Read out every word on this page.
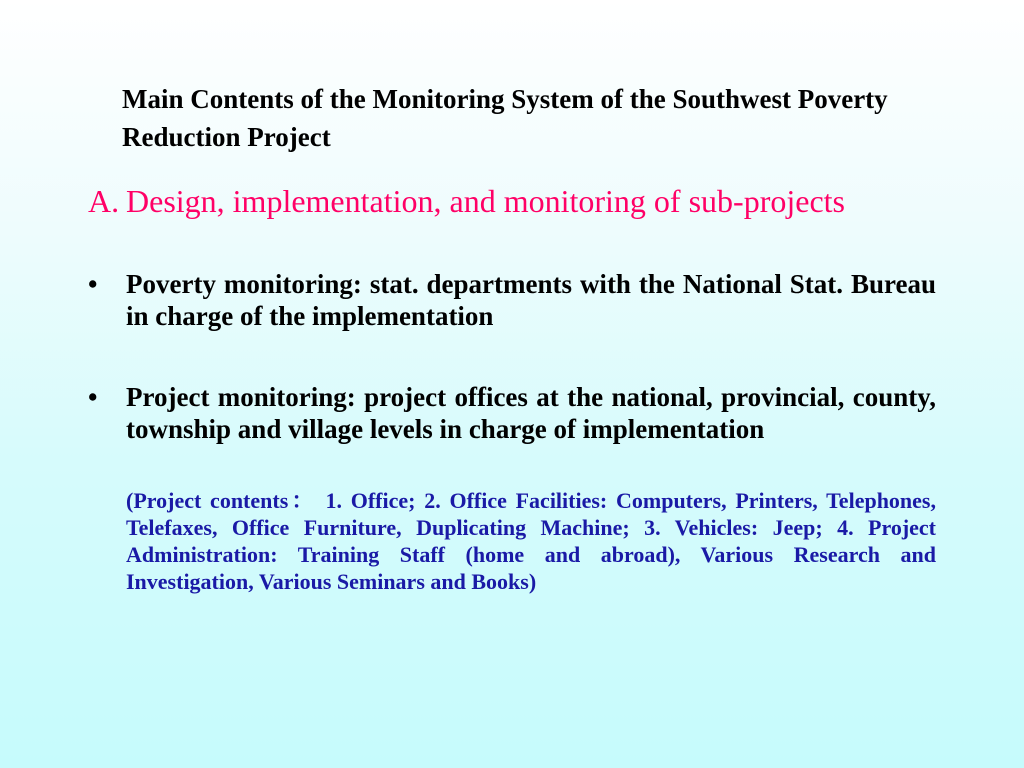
Main Contents of the Monitoring System of the Southwest Poverty Reduction Project
A. Design, implementation, and monitoring of sub-projects
•	Poverty monitoring: stat. departments with the National Stat. Bureau in charge of the implementation
•	Project monitoring: project offices at the national, provincial, county, township and village levels in charge of implementation
(Project contents： 1. Office; 2. Office Facilities: Computers, Printers, Telephones, Telefaxes, Office Furniture, Duplicating Machine; 3. Vehicles: Jeep; 4. Project Administration: Training Staff (home and abroad), Various Research and Investigation, Various Seminars and Books)
